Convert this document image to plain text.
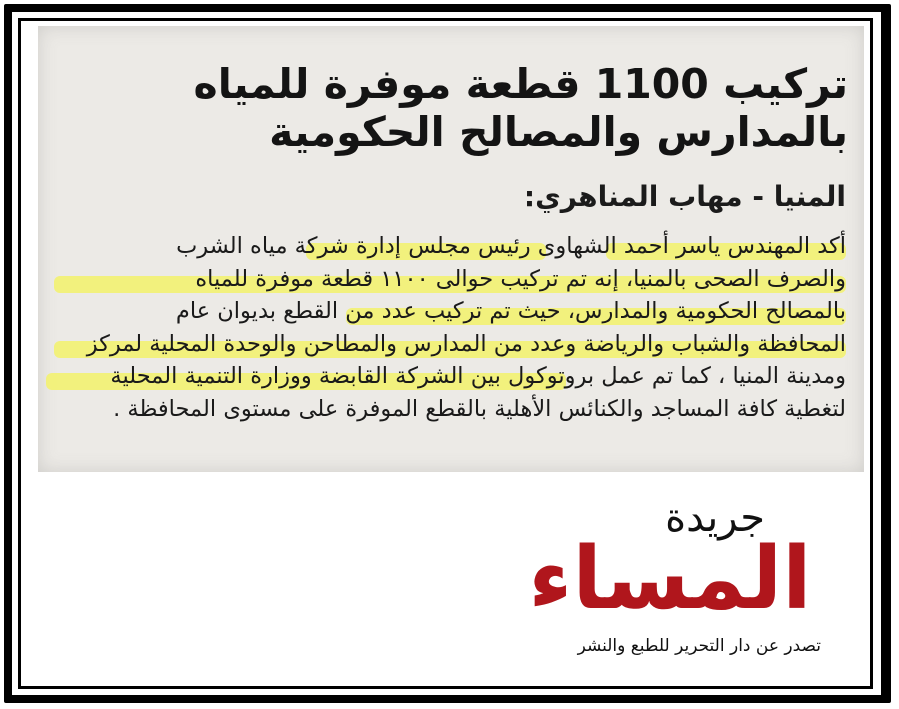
تركيب 1100 قطعة موفرة للمياه بالمدارس والمصالح الحكومية

المنيا - مهاب المناهري:

أكد المهندس ياسر أحمد الشهاوى رئيس مجلس إدارة شركة مياه الشرب
والصرف الصحى بالمنيا، إنه تم تركيب حوالى ١١٠٠ قطعة موفرة للمياه
بالمصالح الحكومية والمدارس، حيث تم تركيب عدد من القطع بديوان عام
المحافظة والشباب والرياضة وعدد من المدارس والمطاحن والوحدة المحلية لمركز
ومدينة المنيا ، كما تم عمل بروتوكول بين الشركة القابضة ووزارة التنمية المحلية
لتغطية كافة المساجد والكنائس الأهلية بالقطع الموفرة على مستوى المحافظة .
جريدة
المساء
تصدر عن دار التحرير للطبع والنشر
